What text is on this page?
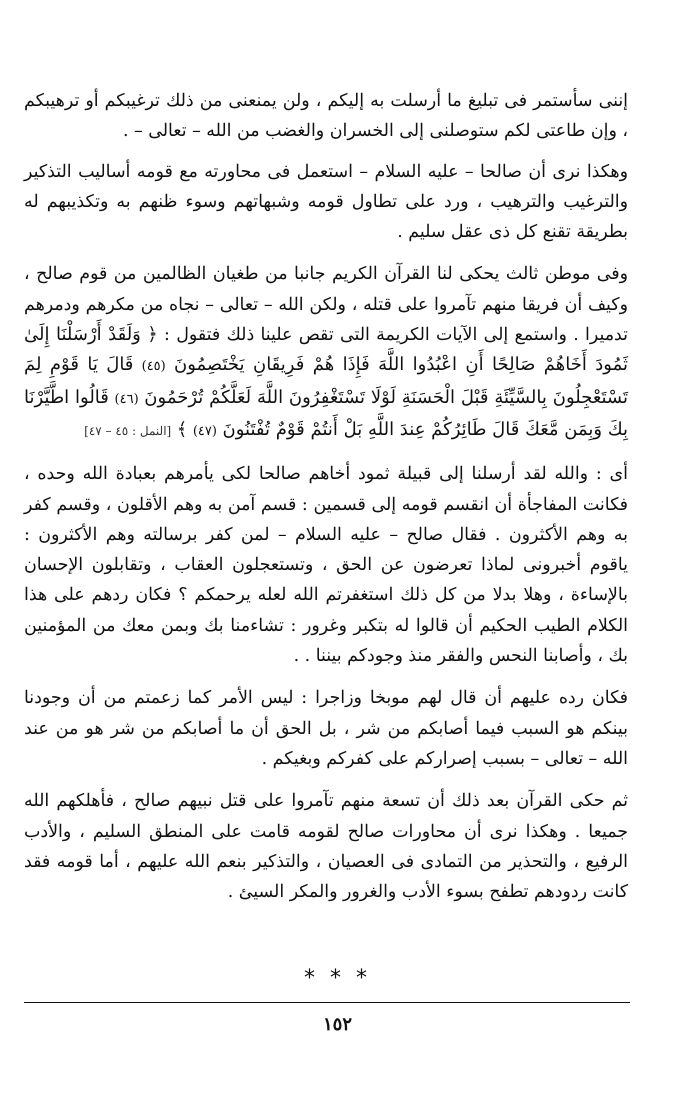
إننى سأستمر فى تبليغ ما أرسلت به إليكم ، ولن يمنعنى من ذلك ترغيبكم أو ترهيبكم ، وإن طاعتى لكم ستوصلنى إلى الخسران والغضب من الله – تعالى – .

وهكذا نرى أن صالحا – عليه السلام – استعمل فى محاورته مع قومه أساليب التذكير والترغيب والترهيب ، ورد على تطاول قومه وشبهاتهم وسوء ظنهم به وتكذيبهم له بطريقة تقنع كل ذى عقل سليم .

وفى موطن ثالث يحكى لنا القرآن الكريم جانبا من طغيان الظالمين من قوم صالح ، وكيف أن فريقا منهم تآمروا على قتله ، ولكن الله – تعالى – نجاه من مكرهم ودمرهم تدميرا . واستمع إلى الآيات الكريمة التى تقص علينا ذلك فتقول : ﴿ وَلَقَدْ أَرْسَلْنَا إِلَىٰ ثَمُودَ أَخَاهُمْ صَالِحًا أَنِ اعْبُدُوا اللَّهَ فَإِذَا هُمْ فَرِيقَانِ يَخْتَصِمُونَ (٤٥) قَالَ يَا قَوْمِ لِمَ تَسْتَعْجِلُونَ بِالسَّيِّئَةِ قَبْلَ الْحَسَنَةِ لَوْلَا تَسْتَغْفِرُونَ اللَّهَ لَعَلَّكُمْ تُرْحَمُونَ (٤٦) قَالُوا اطَّيَّرْنَا بِكَ وَبِمَن مَّعَكَ قَالَ طَائِرُكُمْ عِندَ اللَّهِ بَلْ أَنتُمْ قَوْمٌ تُفْتَنُونَ (٤٧) ﴾ [النمل : ٤٥ – ٤٧]

أى : والله لقد أرسلنا إلى قبيلة ثمود أخاهم صالحا لكى يأمرهم بعبادة الله وحده ، فكانت المفاجأة أن انقسم قومه إلى قسمين : قسم آمن به وهم الأقلون ، وقسم كفر به وهم الأكثرون . فقال صالح – عليه السلام – لمن كفر برسالته وهم الأكثرون : ياقوم أخبرونى لماذا تعرضون عن الحق ، وتستعجلون العقاب ، وتقابلون الإحسان بالإساءة ، وهلا بدلا من كل ذلك استغفرتم الله لعله يرحمكم ؟ فكان ردهم على هذا الكلام الطيب الحكيم أن قالوا له بتكبر وغرور : تشاءمنا بك وبمن معك من المؤمنين بك ، وأصابنا النحس والفقر منذ وجودكم بيننا . .

فكان رده عليهم أن قال لهم موبخا وزاجرا : ليس الأمر كما زعمتم من أن وجودنا بينكم هو السبب فيما أصابكم من شر ، بل الحق أن ما أصابكم من شر هو من عند الله – تعالى – بسبب إصراركم على كفركم وبغيكم .

ثم حكى القرآن بعد ذلك أن تسعة منهم تآمروا على قتل نبيهم صالح ، فأهلكهم الله جميعا . وهكذا نرى أن محاورات صالح لقومه قامت على المنطق السليم ، والأدب الرفيع ، والتحذير من التمادى فى العصيان ، والتذكير بنعم الله عليهم ، أما قومه فقد كانت ردودهم تطفح بسوء الأدب والغرور والمكر السيئ .

* * *
١٥٢
